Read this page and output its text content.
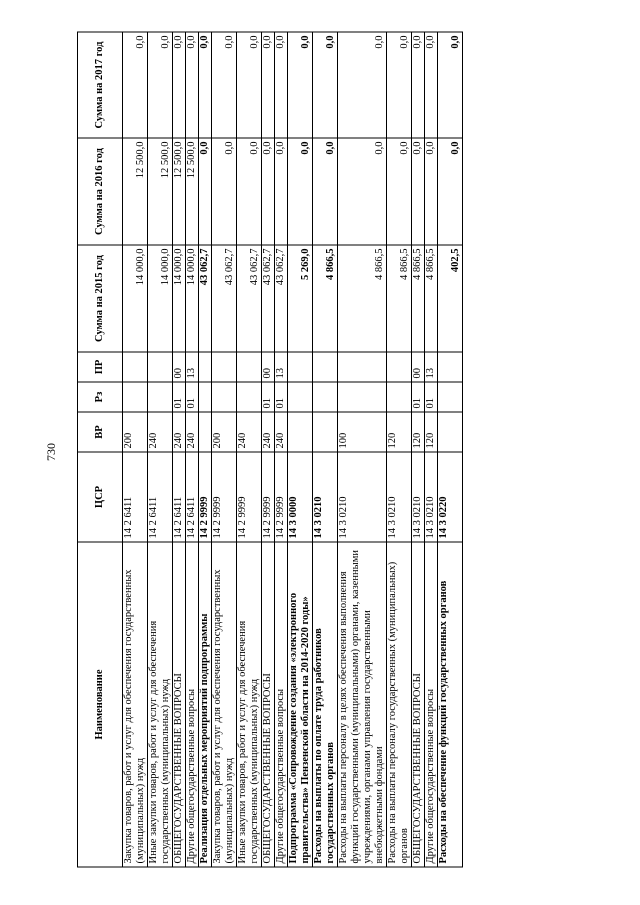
730
Наименование	ЦСР	ВР	Рз	ПР	Сумма на 2015 год	Сумма на 2016 год	Сумма на 2017 год
Закупка товаров, работ и услуг для обеспечения государственных (муниципальных) нужд	14 2 6411	200			14 000,0	12 500,0	0,0
Иные закупки товаров, работ и услуг для обеспечения государственных (муниципальных) нужд	14 2 6411	240			14 000,0	12 500,0	0,0
ОБЩЕГОСУДАРСТВЕННЫЕ ВОПРОСЫ	14 2 6411	240	01	00	14 000,0	12 500,0	0,0
Другие общегосударственные вопросы	14 2 6411	240	01	13	14 000,0	12 500,0	0,0
Реализация отдельных мероприятий подпрограммы	14 2 9999				43 062,7	0,0	0,0
Закупка товаров, работ и услуг для обеспечения государственных (муниципальных) нужд	14 2 9999	200			43 062,7	0,0	0,0
Иные закупки товаров, работ и услуг для обеспечения государственных (муниципальных) нужд	14 2 9999	240			43 062,7	0,0	0,0
ОБЩЕГОСУДАРСТВЕННЫЕ ВОПРОСЫ	14 2 9999	240	01	00	43 062,7	0,0	0,0
Другие общегосударственные вопросы	14 2 9999	240	01	13	43 062,7	0,0	0,0
Подпрограмма «Сопровождение создания «электронного правительства» Пензенской области на 2014-2020 годы»	14 3 0000				5 269,0	0,0	0,0
Расходы на выплаты по оплате труда работников государственных органов	14 3 0210				4 866,5	0,0	0,0
Расходы на выплаты персоналу в целях обеспечения выполнения функций государственными (муниципальными) органами, казенными учреждениями, органами управления государственными внебюджетными фондами	14 3 0210	100			4 866,5	0,0	0,0
Расходы на выплаты персоналу государственных (муниципальных) органов	14 3 0210	120			4 866,5	0,0	0,0
ОБЩЕГОСУДАРСТВЕННЫЕ ВОПРОСЫ	14 3 0210	120	01	00	4 866,5	0,0	0,0
Другие общегосударственные вопросы	14 3 0210	120	01	13	4 866,5	0,0	0,0
Расходы на обеспечение функций государственных органов	14 3 0220				402,5	0,0	0,0
